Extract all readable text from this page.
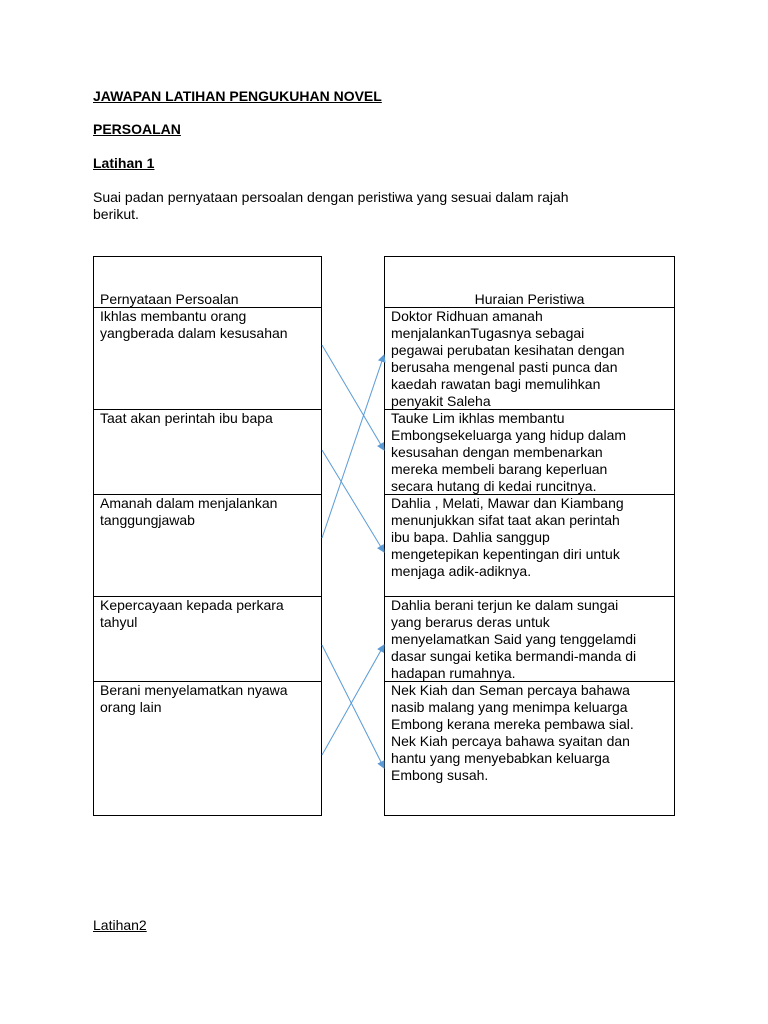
JAWAPAN LATIHAN PENGUKUHAN NOVEL
PERSOALAN
Latihan 1
Suai padan pernyataan persoalan dengan peristiwa yang sesuai dalam rajah
berikut.
Pernyataan Persoalan
Ikhlas membantu orang
yangberada dalam kesusahan
Taat akan perintah ibu bapa
Amanah dalam menjalankan
tanggungjawab
Kepercayaan kepada perkara
tahyul
Berani menyelamatkan nyawa
orang lain
Huraian Peristiwa
Doktor Ridhuan amanah
menjalankanTugasnya sebagai
pegawai perubatan kesihatan dengan
berusaha mengenal pasti punca dan
kaedah rawatan bagi memulihkan
penyakit Saleha
Tauke Lim ikhlas membantu
Embongsekeluarga yang hidup dalam
kesusahan dengan membenarkan
mereka membeli barang keperluan
secara hutang di kedai runcitnya.
Dahlia , Melati, Mawar dan Kiambang
menunjukkan sifat taat akan perintah
ibu bapa. Dahlia sanggup
mengetepikan kepentingan diri untuk
menjaga adik-adiknya.
Dahlia berani terjun ke dalam sungai
yang berarus deras untuk
menyelamatkan Said yang tenggelamdi
dasar sungai ketika bermandi-manda di
hadapan rumahnya.
Nek Kiah dan Seman percaya bahawa
nasib malang yang menimpa keluarga
Embong kerana mereka pembawa sial.
Nek Kiah percaya bahawa syaitan dan
hantu yang menyebabkan keluarga
Embong susah.
Latihan2
